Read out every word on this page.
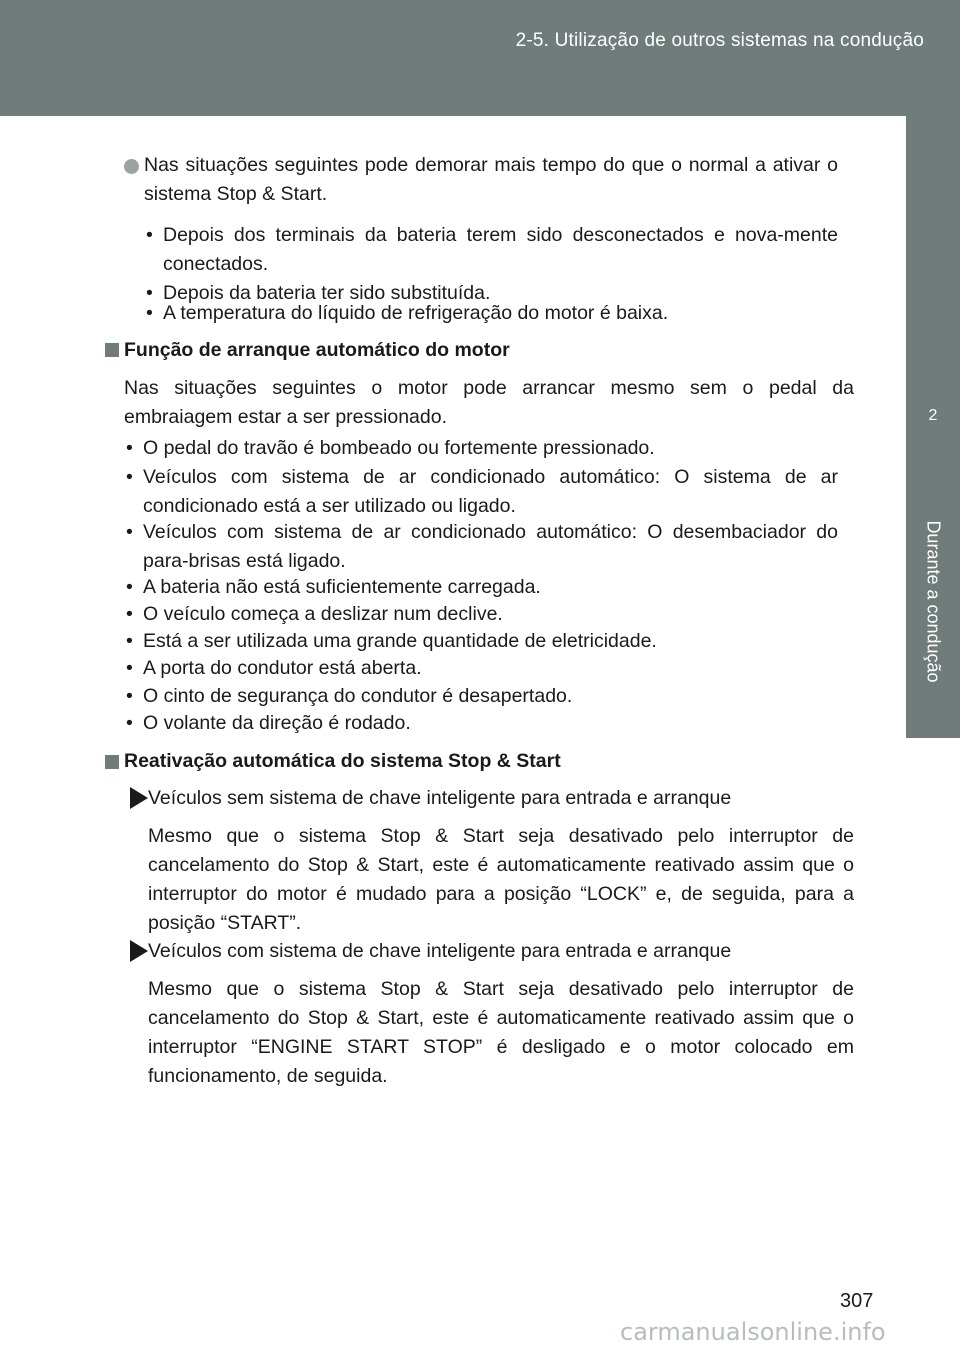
2-5. Utilização de outros sistemas na condução
2
Durante a condução
Nas situações seguintes pode demorar mais tempo do que o normal a ativar o sistema Stop & Start.
• Depois dos terminais da bateria terem sido desconectados e nova-mente conectados.
• Depois da bateria ter sido substituída.
• A temperatura do líquido de refrigeração do motor é baixa.
Função de arranque automático do motor
Nas situações seguintes o motor pode arrancar mesmo sem o pedal da embraiagem estar a ser pressionado.
• O pedal do travão é bombeado ou fortemente pressionado.
• Veículos com sistema de ar condicionado automático: O sistema de ar condicionado está a ser utilizado ou ligado.
• Veículos com sistema de ar condicionado automático: O desembaciador do para-brisas está ligado.
• A bateria não está suficientemente carregada.
• O veículo começa a deslizar num declive.
• Está a ser utilizada uma grande quantidade de eletricidade.
• A porta do condutor está aberta.
• O cinto de segurança do condutor é desapertado.
• O volante da direção é rodado.
Reativação automática do sistema Stop & Start
Veículos sem sistema de chave inteligente para entrada e arranque
Mesmo que o sistema Stop & Start seja desativado pelo interruptor de cancelamento do Stop & Start, este é automaticamente reativado assim que o interruptor do motor é mudado para a posição “LOCK” e, de seguida, para a posição “START”.
Veículos com sistema de chave inteligente para entrada e arranque
Mesmo que o sistema Stop & Start seja desativado pelo interruptor de cancelamento do Stop & Start, este é automaticamente reativado assim que o interruptor “ENGINE START STOP” é desligado e o motor colocado em funcionamento, de seguida.
307
carmanualsonline.info
